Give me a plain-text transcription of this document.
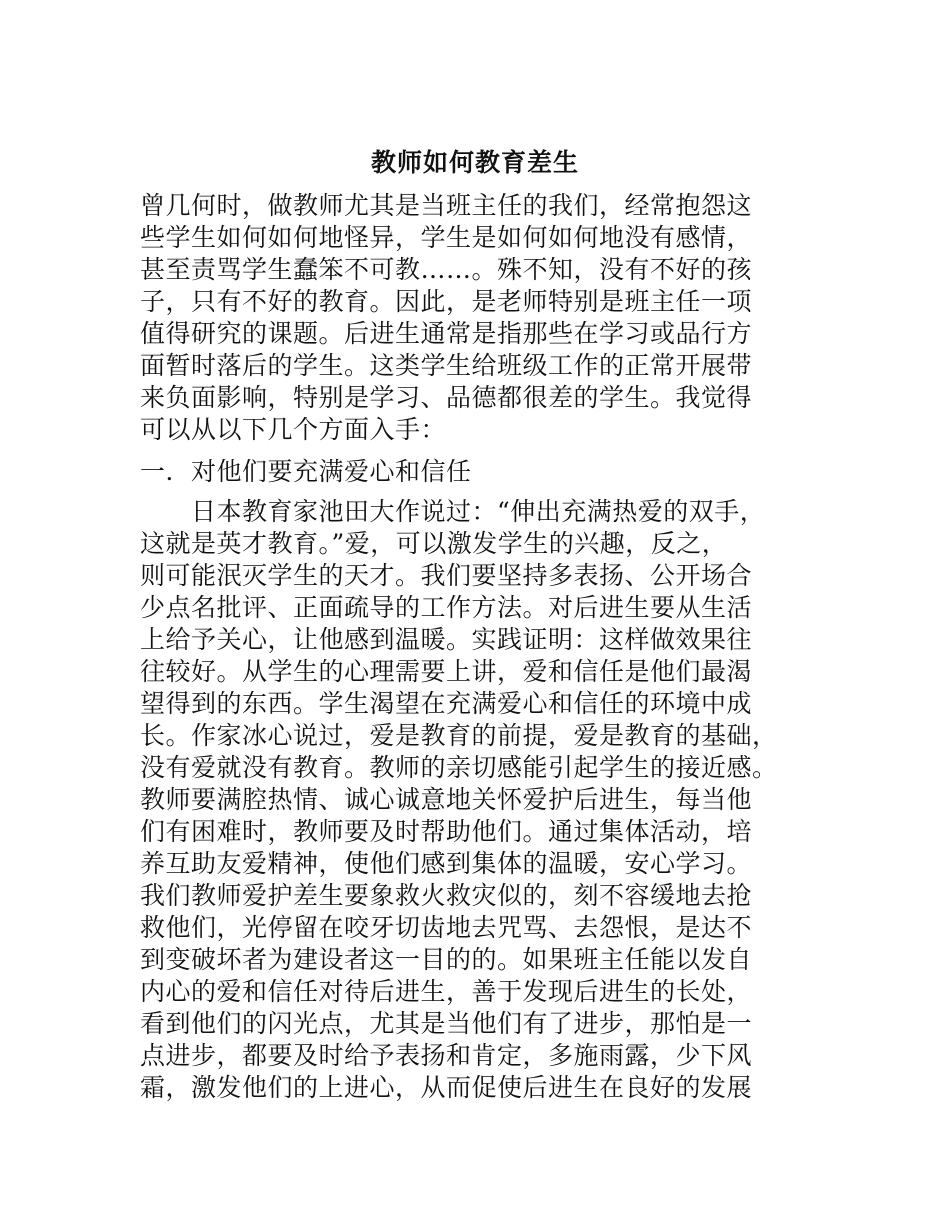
教师如何教育差生
曾几何时，做教师尤其是当班主任的我们，经常抱怨这
些学生如何如何地怪异，学生是如何如何地没有感情，
甚至责骂学生蠢笨不可教……。殊不知，没有不好的孩
子，只有不好的教育。因此，是老师特别是班主任一项
值得研究的课题。后进生通常是指那些在学习或品行方
面暂时落后的学生。这类学生给班级工作的正常开展带
来负面影响，特别是学习、品德都很差的学生。我觉得
可以从以下几个方面入手：
一．对他们要充满爱心和信任
　　日本教育家池田大作说过：“伸出充满热爱的双手，
这就是英才教育。”爱，可以激发学生的兴趣，反之，
则可能泯灭学生的天才。我们要坚持多表扬、公开场合
少点名批评、正面疏导的工作方法。对后进生要从生活
上给予关心，让他感到温暖。实践证明：这样做效果往
往较好。从学生的心理需要上讲，爱和信任是他们最渴
望得到的东西。学生渴望在充满爱心和信任的环境中成
长。作家冰心说过，爱是教育的前提，爱是教育的基础，
没有爱就没有教育。教师的亲切感能引起学生的接近感。
教师要满腔热情、诚心诚意地关怀爱护后进生，每当他
们有困难时，教师要及时帮助他们。通过集体活动，培
养互助友爱精神，使他们感到集体的温暖，安心学习。
我们教师爱护差生要象救火救灾似的，刻不容缓地去抢
救他们，光停留在咬牙切齿地去咒骂、去怨恨，是达不
到变破坏者为建设者这一目的的。如果班主任能以发自
内心的爱和信任对待后进生，善于发现后进生的长处，
看到他们的闪光点，尤其是当他们有了进步，那怕是一
点进步，都要及时给予表扬和肯定，多施雨露，少下风
霜，激发他们的上进心，从而促使后进生在良好的发展
